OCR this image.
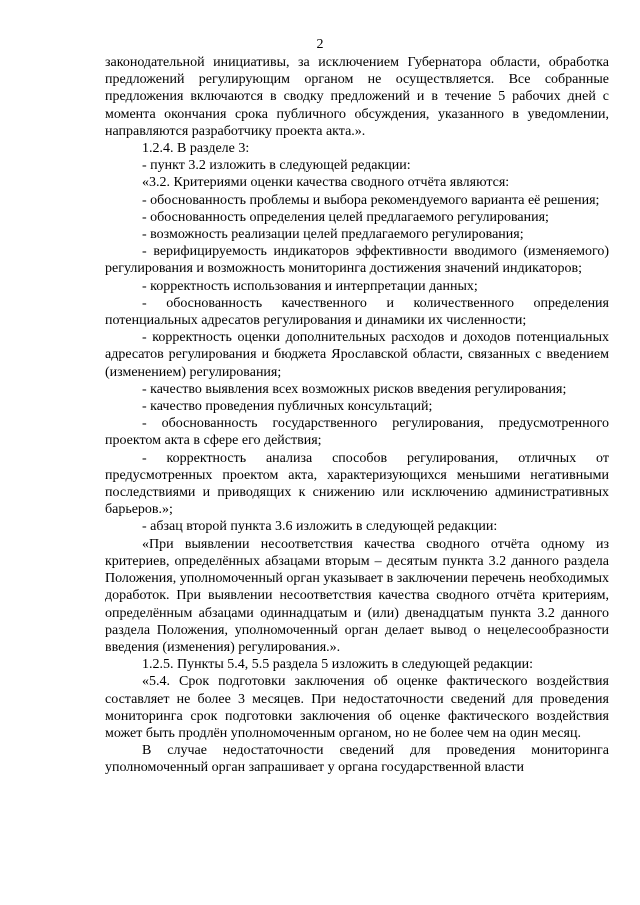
2

законодательной инициативы, за исключением Губернатора области, обработка предложений регулирующим органом не осуществляется. Все собранные предложения включаются в сводку предложений и в течение 5 рабочих дней с момента окончания срока публичного обсуждения, указанного в уведомлении, направляются разработчику проекта акта.».

1.2.4. В разделе 3:

- пункт 3.2 изложить в следующей редакции:

«3.2. Критериями оценки качества сводного отчёта являются:

- обоснованность проблемы и выбора рекомендуемого варианта её решения;

- обоснованность определения целей предлагаемого регулирования;

- возможность реализации целей предлагаемого регулирования;

- верифицируемость индикаторов эффективности вводимого (изменяемого) регулирования и возможность мониторинга достижения значений индикаторов;

- корректность использования и интерпретации данных;

- обоснованность качественного и количественного определения потенциальных адресатов регулирования и динамики их численности;

- корректность оценки дополнительных расходов и доходов потенциальных адресатов регулирования и бюджета Ярославской области, связанных с введением (изменением) регулирования;

- качество выявления всех возможных рисков введения регулирования;

- качество проведения публичных консультаций;

- обоснованность государственного регулирования, предусмотренного проектом акта в сфере его действия;

- корректность анализа способов регулирования, отличных от предусмотренных проектом акта, характеризующихся меньшими негативными последствиями и приводящих к снижению или исключению административных барьеров.»;

- абзац второй пункта 3.6 изложить в следующей редакции:

«При выявлении несоответствия качества сводного отчёта одному из критериев, определённых абзацами вторым – десятым пункта 3.2 данного раздела Положения, уполномоченный орган указывает в заключении перечень необходимых доработок. При выявлении несоответствия качества сводного отчёта критериям, определённым абзацами одиннадцатым и (или) двенадцатым пункта 3.2 данного раздела Положения, уполномоченный орган делает вывод о нецелесообразности введения (изменения) регулирования.».

1.2.5. Пункты 5.4, 5.5 раздела 5 изложить в следующей редакции:

«5.4. Срок подготовки заключения об оценке фактического воздействия составляет не более 3 месяцев. При недостаточности сведений для проведения мониторинга срок подготовки заключения об оценке фактического воздействия может быть продлён уполномоченным органом, но не более чем на один месяц.

В случае недостаточности сведений для проведения мониторинга уполномоченный орган запрашивает у органа государственной власти
